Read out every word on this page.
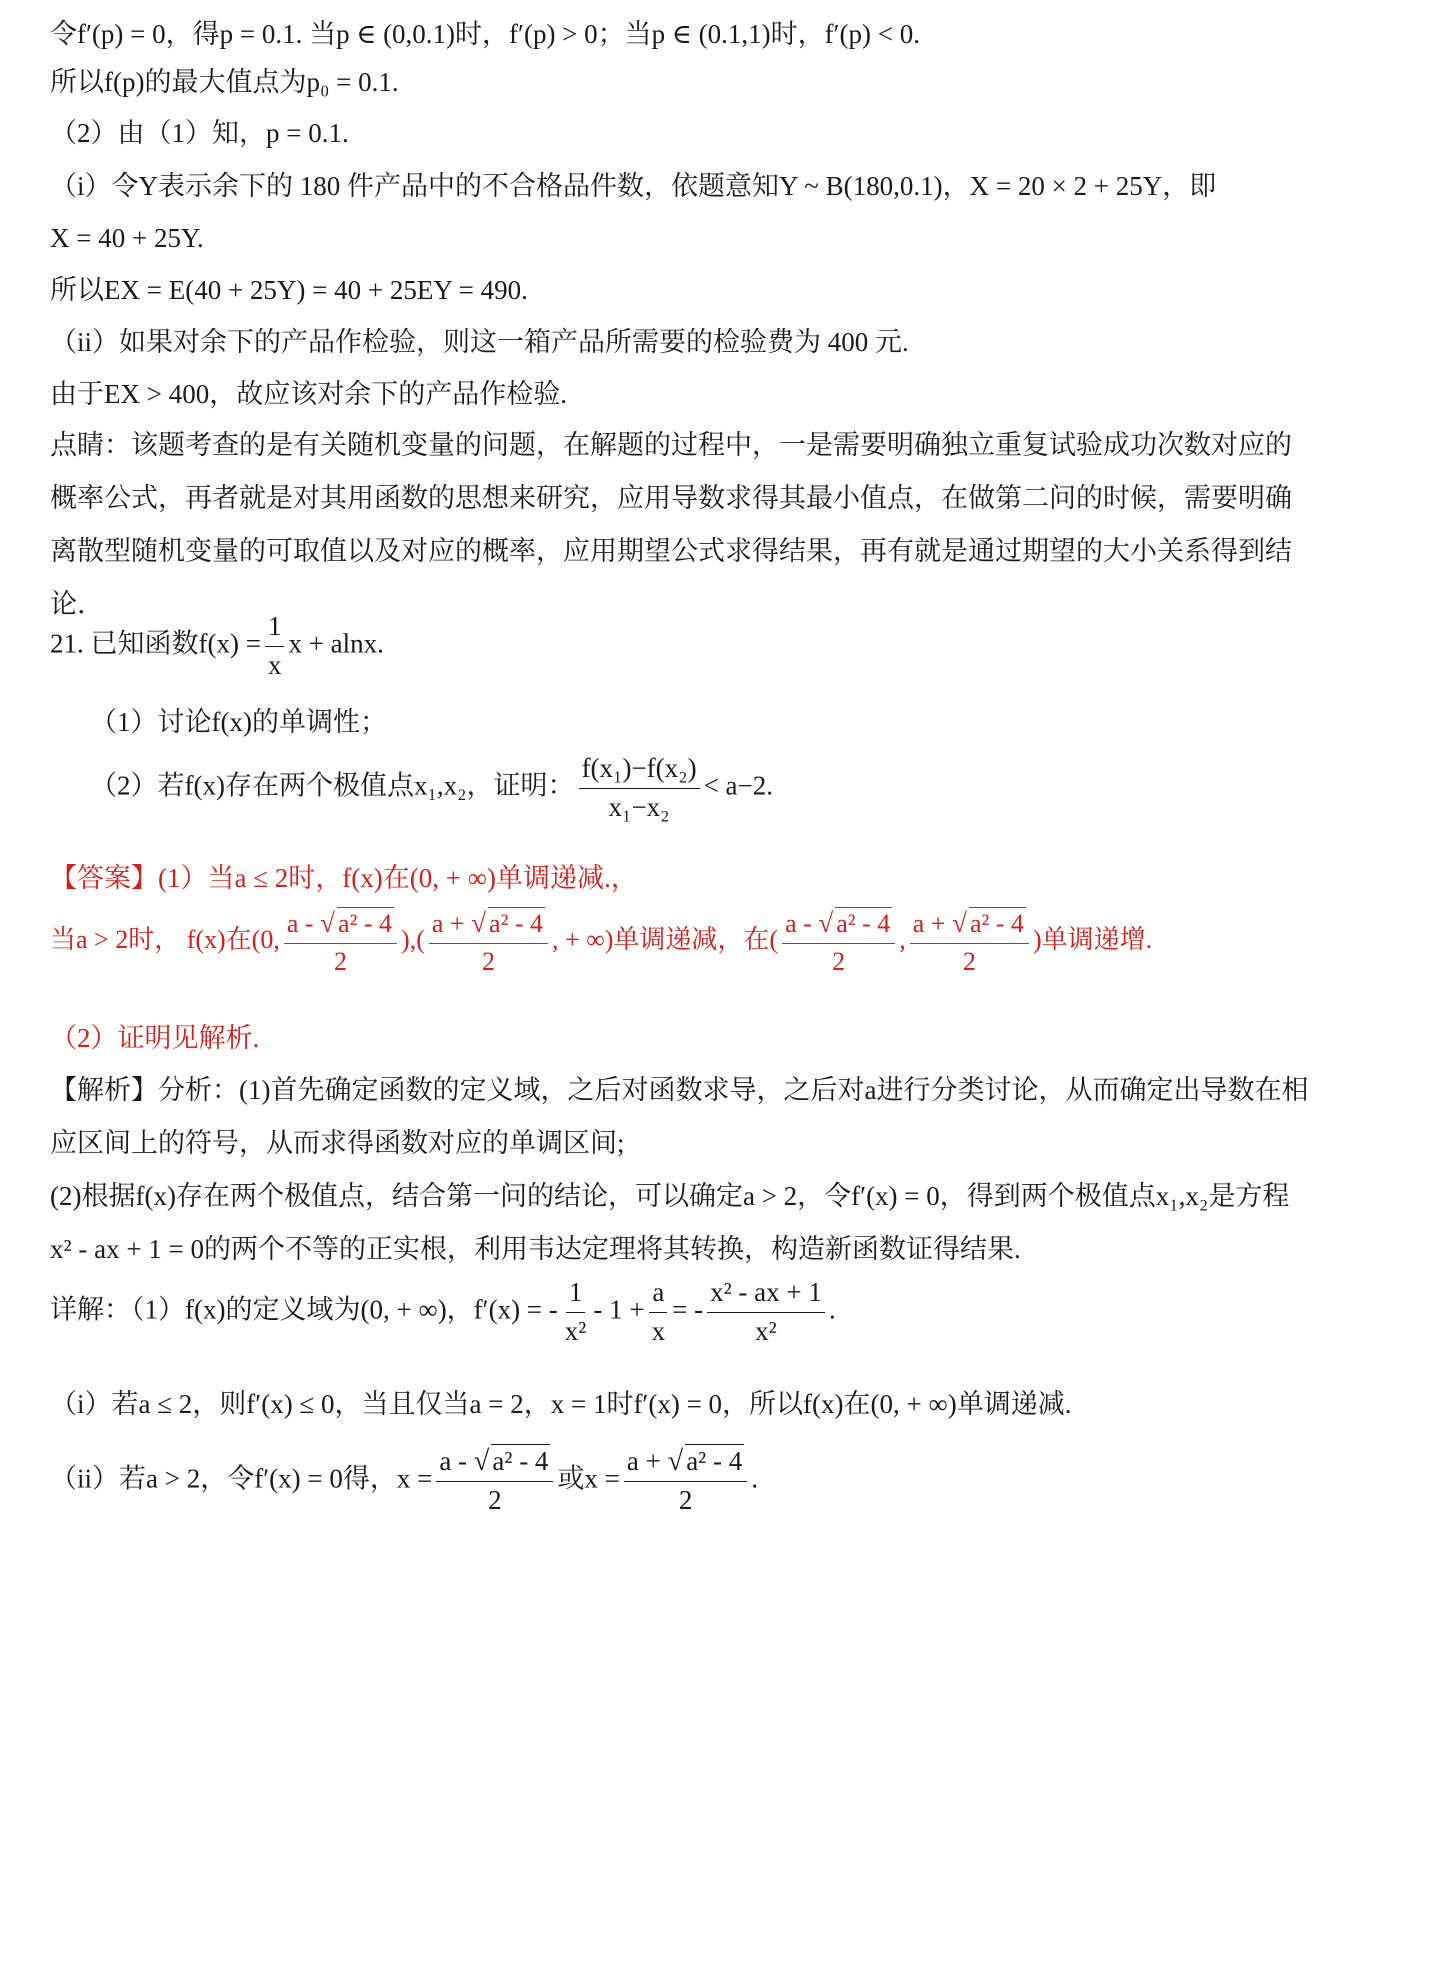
令f′(p) = 0，得p = 0.1. 当p ∈ (0,0.1)时，f′(p) > 0；当p ∈ (0.1,1)时，f′(p) < 0.
所以f(p)的最大值点为p₀ = 0.1.
（2）由（1）知，p = 0.1.
（i）令Y表示余下的 180 件产品中的不合格品件数，依题意知Y ~ B(180,0.1)，X = 20 × 2 + 25Y，即
X = 40 + 25Y.
所以EX = E(40 + 25Y) = 40 + 25EY = 490.
（ii）如果对余下的产品作检验，则这一箱产品所需要的检验费为 400 元.
由于EX > 400，故应该对余下的产品作检验.
点睛：该题考查的是有关随机变量的问题，在解题的过程中，一是需要明确独立重复试验成功次数对应的
概率公式，再者就是对其用函数的思想来研究，应用导数求得其最小值点，在做第二问的时候，需要明确
离散型随机变量的可取值以及对应的概率，应用期望公式求得结果，再有就是通过期望的大小关系得到结
论.
21. 已知函数$f(x) = \frac{1}{x}$ x + alnx.
（1）讨论f(x)的单调性；
（2）若f(x)存在两个极值点x₁,x₂，证明： $\frac{\text{f(x₁)−f(x₂)}}{\text{x₁−x₂}} < a-2$.
【答案】(1）当a ≤ 2时，f(x)在(0, + ∞)单调递减.，
当a > 2时， f(x)在(0, $\frac{\text{a - √ a² - 4}}{2}$ ),( $\frac{\text{a + √ a² - 4}}{2}$ , + ∞)单调递减，在( $\frac{\text{a - √ a² - 4}}{2}$ , $\frac{\text{a + √ a² - 4}}{2}$ )单调递增.
（2）证明见解析.
【解析】分析：(1)首先确定函数的定义域，之后对函数求导，之后对a进行分类讨论，从而确定出导数在相
应区间上的符号，从而求得函数对应的单调区间;
(2)根据f(x)存在两个极值点，结合第一问的结论，可以确定a > 2，令f′(x) = 0，得到两个极值点x₁,x₂是方程
x² - ax + 1 = 0的两个不等的正实根，利用韦达定理将其转换，构造新函数证得结果.
详解：（1）f(x)的定义域为(0, + ∞)，f′(x) = - $\frac{1}{\text{x²}} - 1 + \frac{a}{x}$ = - $\frac{\text{x² - ax + 1}}{\text{x²}}$ .
（i）若a ≤ 2，则f′(x) ≤ 0，当且仅当a = 2，x = 1时f′(x) = 0，所以f(x)在(0, + ∞)单调递减.
（ii）若a > 2，令f′(x) = 0得，$x = \frac{\text{a - √ a² - 4}}{2}$ 或$x = \frac{\text{a + √ a² - 4}}{2}$ .
